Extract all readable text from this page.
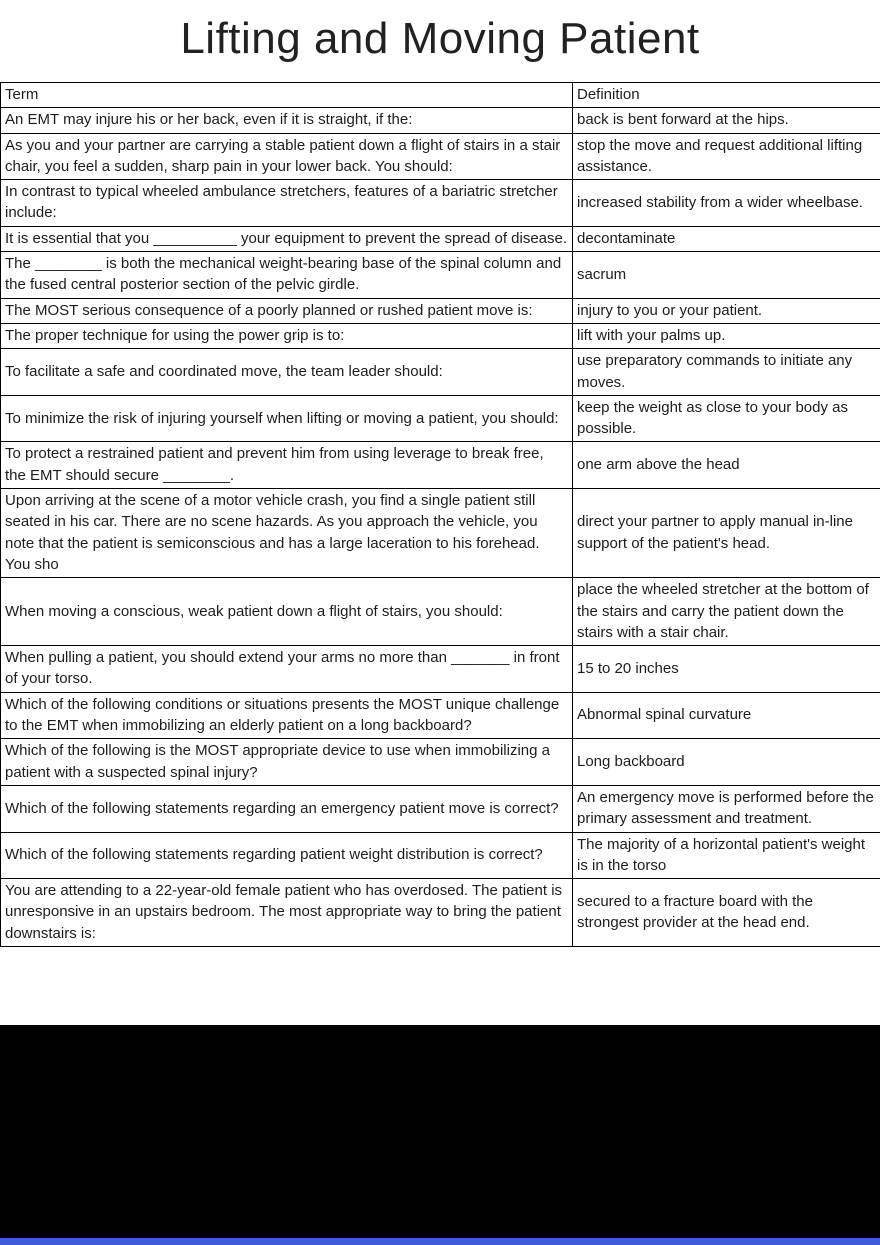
Lifting and Moving Patient
Term	Definition
An EMT may injure his or her back, even if it is straight, if the:	back is bent forward at the hips.
As you and your partner are carrying a stable patient down a flight of stairs in a stair chair, you feel a sudden, sharp pain in your lower back. You should:	stop the move and request additional lifting assistance.
In contrast to typical wheeled ambulance stretchers, features of a bariatric stretcher include:	increased stability from a wider wheelbase.
It is essential that you __________ your equipment to prevent the spread of disease.	decontaminate
The ________ is both the mechanical weight-bearing base of the spinal column and the fused central posterior section of the pelvic girdle.	sacrum
The MOST serious consequence of a poorly planned or rushed patient move is:	injury to you or your patient.
The proper technique for using the power grip is to:	lift with your palms up.
To facilitate a safe and coordinated move, the team leader should:	use preparatory commands to initiate any moves.
To minimize the risk of injuring yourself when lifting or moving a patient, you should:	keep the weight as close to your body as possible.
To protect a restrained patient and prevent him from using leverage to break free, the EMT should secure ________.	one arm above the head
Upon arriving at the scene of a motor vehicle crash, you find a single patient still seated in his car. There are no scene hazards. As you approach the vehicle, you note that the patient is semiconscious and has a large laceration to his forehead. You sho	direct your partner to apply manual in-line support of the patient's head.
When moving a conscious, weak patient down a flight of stairs, you should:	place the wheeled stretcher at the bottom of the stairs and carry the patient down the stairs with a stair chair.
When pulling a patient, you should extend your arms no more than _______ in front of your torso.	15 to 20 inches
Which of the following conditions or situations presents the MOST unique challenge to the EMT when immobilizing an elderly patient on a long backboard?	Abnormal spinal curvature
Which of the following is the MOST appropriate device to use when immobilizing a patient with a suspected spinal injury?	Long backboard
Which of the following statements regarding an emergency patient move is correct?	An emergency move is performed before the primary assessment and treatment.
Which of the following statements regarding patient weight distribution is correct?	The majority of a horizontal patient's weight is in the torso
You are attending to a 22-year-old female patient who has overdosed. The patient is unresponsive in an upstairs bedroom. The most appropriate way to bring the patient downstairs is:	secured to a fracture board with the strongest provider at the head end.
